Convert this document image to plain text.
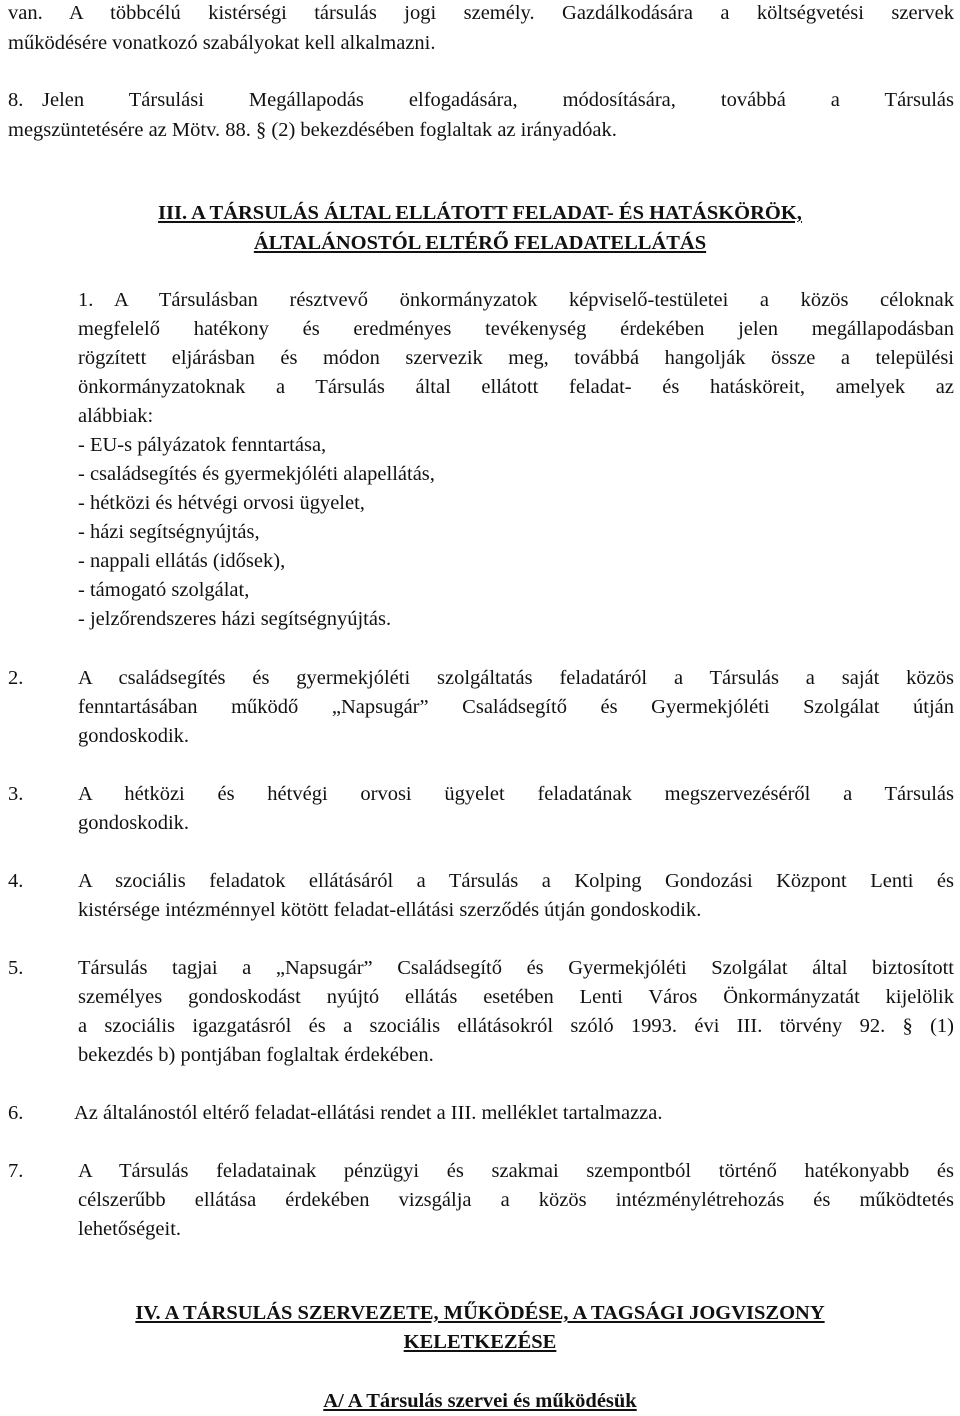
van. A többcélú kistérségi társulás jogi személy. Gazdálkodására a költségvetési szervek
működésére vonatkozó szabályokat kell alkalmazni.
8. Jelen Társulási Megállapodás elfogadására, módosítására, továbbá a Társulás
megszüntetésére az Mötv. 88. § (2) bekezdésében foglaltak az irányadóak.
III. A TÁRSULÁS ÁLTAL ELLÁTOTT FELADAT- ÉS HATÁSKÖRÖK,
ÁLTALÁNOSTÓL ELTÉRŐ FELADATELLÁTÁS
1. A Társulásban résztvevő önkormányzatok képviselő-testületei a közös céloknak
megfelelő hatékony és eredményes tevékenység érdekében jelen megállapodásban
rögzített eljárásban és módon szervezik meg, továbbá hangolják össze a települési
önkormányzatoknak a Társulás által ellátott feladat- és hatásköreit, amelyek az
alábbiak:
- EU-s pályázatok fenntartása,
- családsegítés és gyermekjóléti alapellátás,
- hétközi és hétvégi orvosi ügyelet,
- házi segítségnyújtás,
- nappali ellátás (idősek),
- támogató szolgálat,
- jelzőrendszeres házi segítségnyújtás.
2.	A családsegítés és gyermekjóléti szolgáltatás feladatáról a Társulás a saját közös
fenntartásában működő „Napsugár” Családsegítő és Gyermekjóléti Szolgálat útján
gondoskodik.
3.	A hétközi és hétvégi orvosi ügyelet feladatának megszervezéséről a Társulás
gondoskodik.
4.	A szociális feladatok ellátásáról a Társulás a Kolping Gondozási Központ Lenti és
kistérsége intézménnyel kötött feladat-ellátási szerződés útján gondoskodik.
5.	Társulás tagjai a „Napsugár” Családsegítő és Gyermekjóléti Szolgálat által biztosított
személyes gondoskodást nyújtó ellátás esetében Lenti Város Önkormányzatát kijelölik
a szociális igazgatásról és a szociális ellátásokról szóló 1993. évi III. törvény 92. § (1)
bekezdés b) pontjában foglaltak érdekében.
6. Az általánostól eltérő feladat-ellátási rendet a III. melléklet tartalmazza.
7.	A Társulás feladatainak pénzügyi és szakmai szempontból történő hatékonyabb és
célszerűbb ellátása érdekében vizsgálja a közös intézménylétrehozás és működtetés
lehetőségeit.
IV. A TÁRSULÁS SZERVEZETE, MŰKÖDÉSE, A TAGSÁGI JOGVISZONY
KELETKEZÉSE
A/ A Társulás szervei és működésük
